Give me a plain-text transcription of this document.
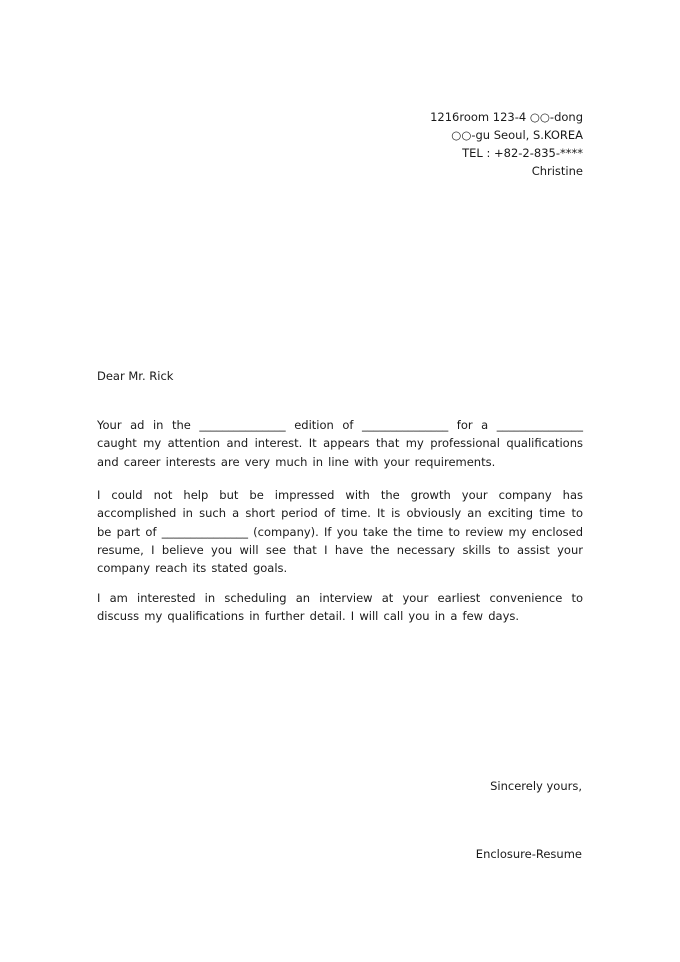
1216room 123-4 ○○-dong
○○-gu Seoul, S.KOREA
TEL : +82-2-835-****
Christine
Dear Mr. Rick
Your ad in the _______________ edition of _______________ for a _______________ caught my attention and interest. It appears that my professional qualifications and career interests are very much in line with your requirements.
I could not help but be impressed with the growth your company has accomplished in such a short period of time. It is obviously an exciting time to be part of _______________ (company). If you take the time to review my enclosed resume, I believe you will see that I have the necessary skills to assist your company reach its stated goals.
I am interested in scheduling an interview at your earliest convenience to discuss my qualifications in further detail. I will call you in a few days.
Sincerely yours,
Enclosure-Resume
